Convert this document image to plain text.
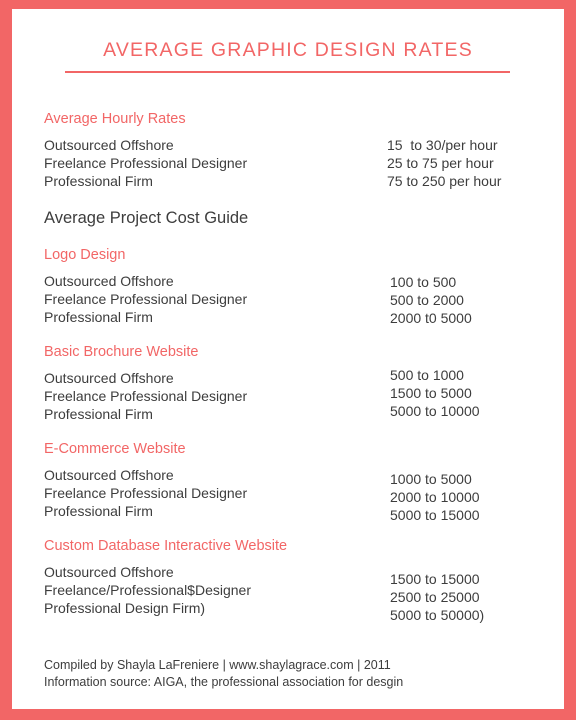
AVERAGE GRAPHIC DESIGN RATES
Average Hourly Rates
Outsourced Offshore
Freelance Professional Designer
Professional Firm
15  to 30/per hour
25 to 75 per hour
75 to 250 per hour
Average Project Cost Guide
Logo Design
Outsourced Offshore
Freelance Professional Designer
Professional Firm
100 to 500
500 to 2000
2000 t0 5000
Basic Brochure Website
Outsourced Offshore
Freelance Professional Designer
Professional Firm
500 to 1000
1500 to 5000
5000 to 10000
E-Commerce Website
Outsourced Offshore
Freelance Professional Designer
Professional Firm
1000 to 5000
2000 to 10000
5000 to 15000
Custom Database Interactive Website
Outsourced Offshore
Freelance/Professional$Designer
Professional Design Firm)
1500 to 15000
2500 to 25000
5000 to 50000)
Compiled by Shayla LaFreniere | www.shaylagrace.com | 2011
Information source: AIGA, the professional association for desgin
